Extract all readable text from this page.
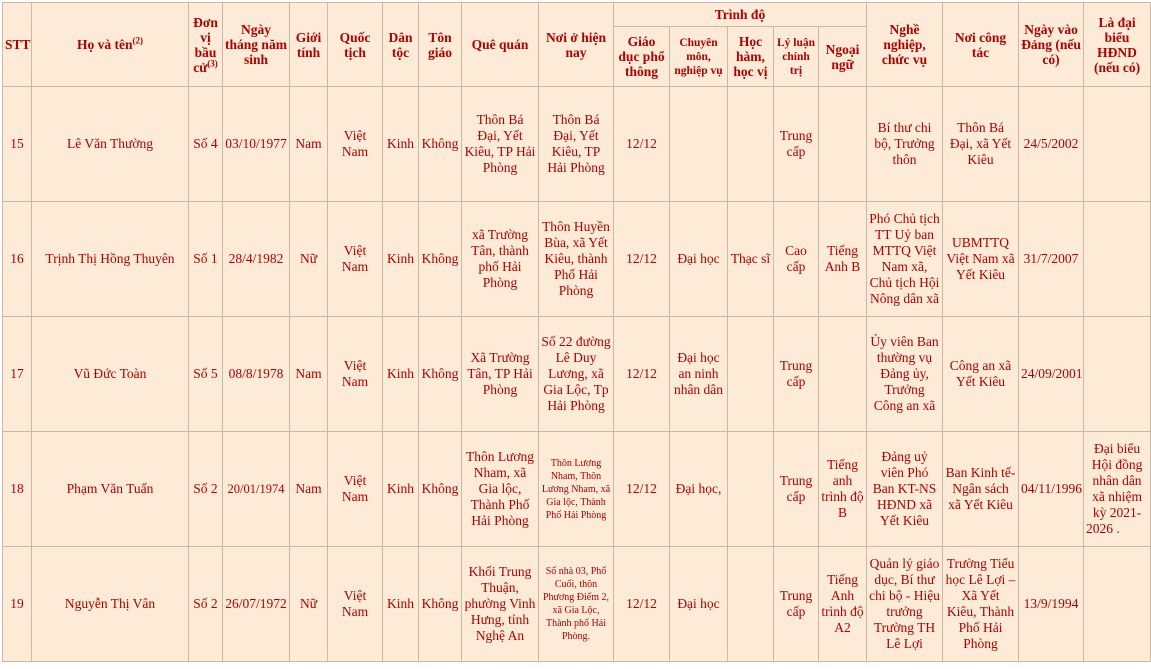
STT	Họ và tên$^{(2)}$	Đơn vị bầu cử$^{(3)}$	Ngày tháng năm sinh	Giới tính	Quốc tịch	Dân tộc	Tôn giáo	Quê quán	Nơi ở hiện nay	Trình độ					Nghề nghiệp, chức vụ	Nơi công tác	Ngày vào Đảng (nếu có)	Là đại biểu HĐND (nếu có)
										Giáo dục phổ thông	Chuyên môn, nghiệp vụ	Học hàm, học vị	Lý luận chính trị	Ngoại ngữ				
15	Lê Văn Thường	Số 4	03/10/1977	Nam	Việt Nam	Kinh	Không	Thôn Bá Đại, Yết Kiêu, TP Hải Phòng	Thôn Bá Đại, Yết Kiêu, TP Hải Phòng	12/12			Trung cấp		Bí thư chi bộ, Trưởng thôn	Thôn Bá Đại, xã Yết Kiêu	24/5/2002	
16	Trịnh Thị Hồng Thuyên	Số 1	28/4/1982	Nữ	Việt Nam	Kinh	Không	xã Trường Tân, thành phố Hải Phòng	Thôn Huyền Bùa, xã Yết Kiêu, thành Phố Hải Phòng	12/12	Đại học	Thạc sĩ	Cao cấp	Tiếng Anh B	Phó Chủ tịch TT Uỷ ban MTTQ Việt Nam xã, Chủ tịch Hội Nông dân xã	UBMTTQ Việt Nam xã Yết Kiêu	31/7/2007	
17	Vũ Đức Toàn	Số 5	08/8/1978	Nam	Việt Nam	Kinh	Không	Xã Trường Tân, TP Hải Phòng	Số 22 đường Lê Duy Lương, xã Gia Lộc, Tp Hải Phòng	12/12	Đại học an ninh nhân dân		Trung cấp		Ủy viên Ban thường vụ Đảng ủy, Trưởng Công an xã	Công an xã Yết Kiêu	24/09/2001	
18	Phạm Văn Tuấn	Số 2	20/01/1974	Nam	Việt Nam	Kinh	Không	Thôn Lương Nham, xã Gia lộc, Thành Phố Hải Phòng	Thôn Lương Nham, Thôn Lương Nham, xã Gia lộc, Thành Phố Hải Phòng	12/12	Đại học,		Trung cấp	Tiếng anh trình độ B	Đảng uỷ viên Phó Ban KT-NS HĐND xã Yết Kiêu	Ban Kinh tế-Ngân sách xã Yết Kiêu	04/11/1996	Đại biểu Hội đồng nhân dân xã nhiệm kỳ 2021-2026 .
19	Nguyễn Thị Vân	Số 2	26/07/1972	Nữ	Việt Nam	Kinh	Không	Khối Trung Thuận, phường Vinh Hưng, tỉnh Nghệ An	Số nhà 03, Phố Cuối, thôn Phương Điếm 2, xã Gia Lộc, Thành phố Hải Phòng.	12/12	Đại học		Trung cấp	Tiếng Anh trình độ A2	Quản lý giáo dục, Bí thư chi bộ - Hiệu trưởng Trường TH Lê Lợi	Trường Tiểu học Lê Lợi – Xã Yết Kiêu, Thành Phố Hải Phòng	13/9/1994	
